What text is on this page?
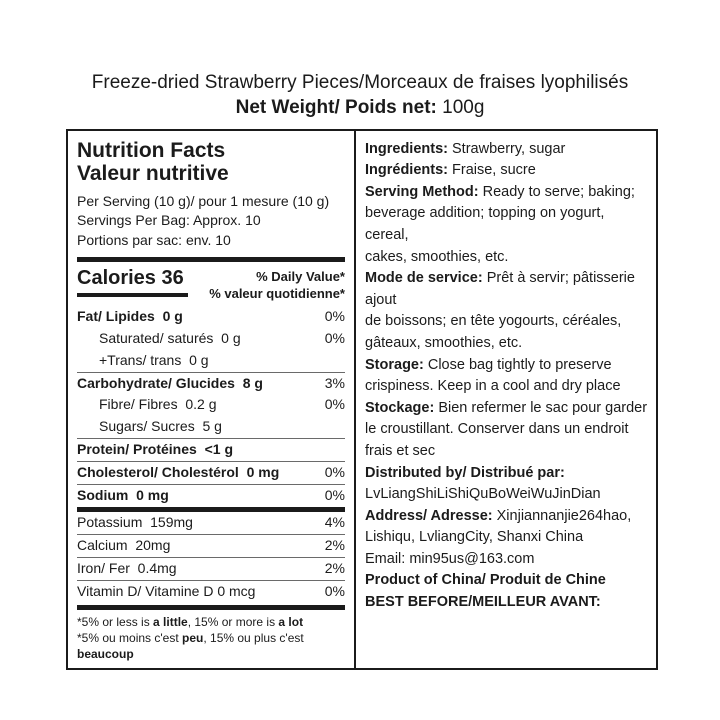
Freeze-dried Strawberry Pieces/Morceaux de fraises lyophilisés
Net Weight/ Poids net: 100g
Nutrition Facts
Valeur nutritive
Per Serving (10 g)/ pour 1 mesure (10 g)
Servings Per Bag: Approx. 10
Portions par sac: env. 10
Calories 36	% Daily Value*
% valeur quotidienne*
Fat/ Lipides  0 g	0%
Saturated/ saturés  0 g	0%
+Trans/ trans  0 g
Carbohydrate/ Glucides  8 g	3%
Fibre/ Fibres  0.2 g	0%
Sugars/ Sucres  5 g
Protein/ Protéines  <1 g
Cholesterol/ Cholestérol  0 mg	0%
Sodium  0 mg	0%
Potassium  159mg	4%
Calcium  20mg	2%
Iron/ Fer  0.4mg	2%
Vitamin D/ Vitamine D 0 mcg	0%
*5% or less is a little, 15% or more is a lot
*5% ou moins c'est peu, 15% ou plus c'est beaucoup
Ingredients: Strawberry, sugar
Ingrédients: Fraise, sucre
Serving Method: Ready to serve; baking;
beverage addition; topping on yogurt, cereal,
cakes, smoothies, etc.
Mode de service: Prêt à servir; pâtisserie ajout
de boissons; en tête yogourts, céréales,
gâteaux, smoothies, etc.
Storage: Close bag tightly to preserve
crispiness. Keep in a cool and dry place
Stockage: Bien refermer le sac pour garder
le croustillant. Conserver dans un endroit
frais et sec
Distributed by/ Distribué par:
LvLiangShiLiShiQuBoWeiWuJinDian
Address/ Adresse: Xinjiannanjie264hao,
Lishiqu, LvliangCity, Shanxi China
Email: min95us@163.com
Product of China/ Produit de Chine
BEST BEFORE/MEILLEUR AVANT:
